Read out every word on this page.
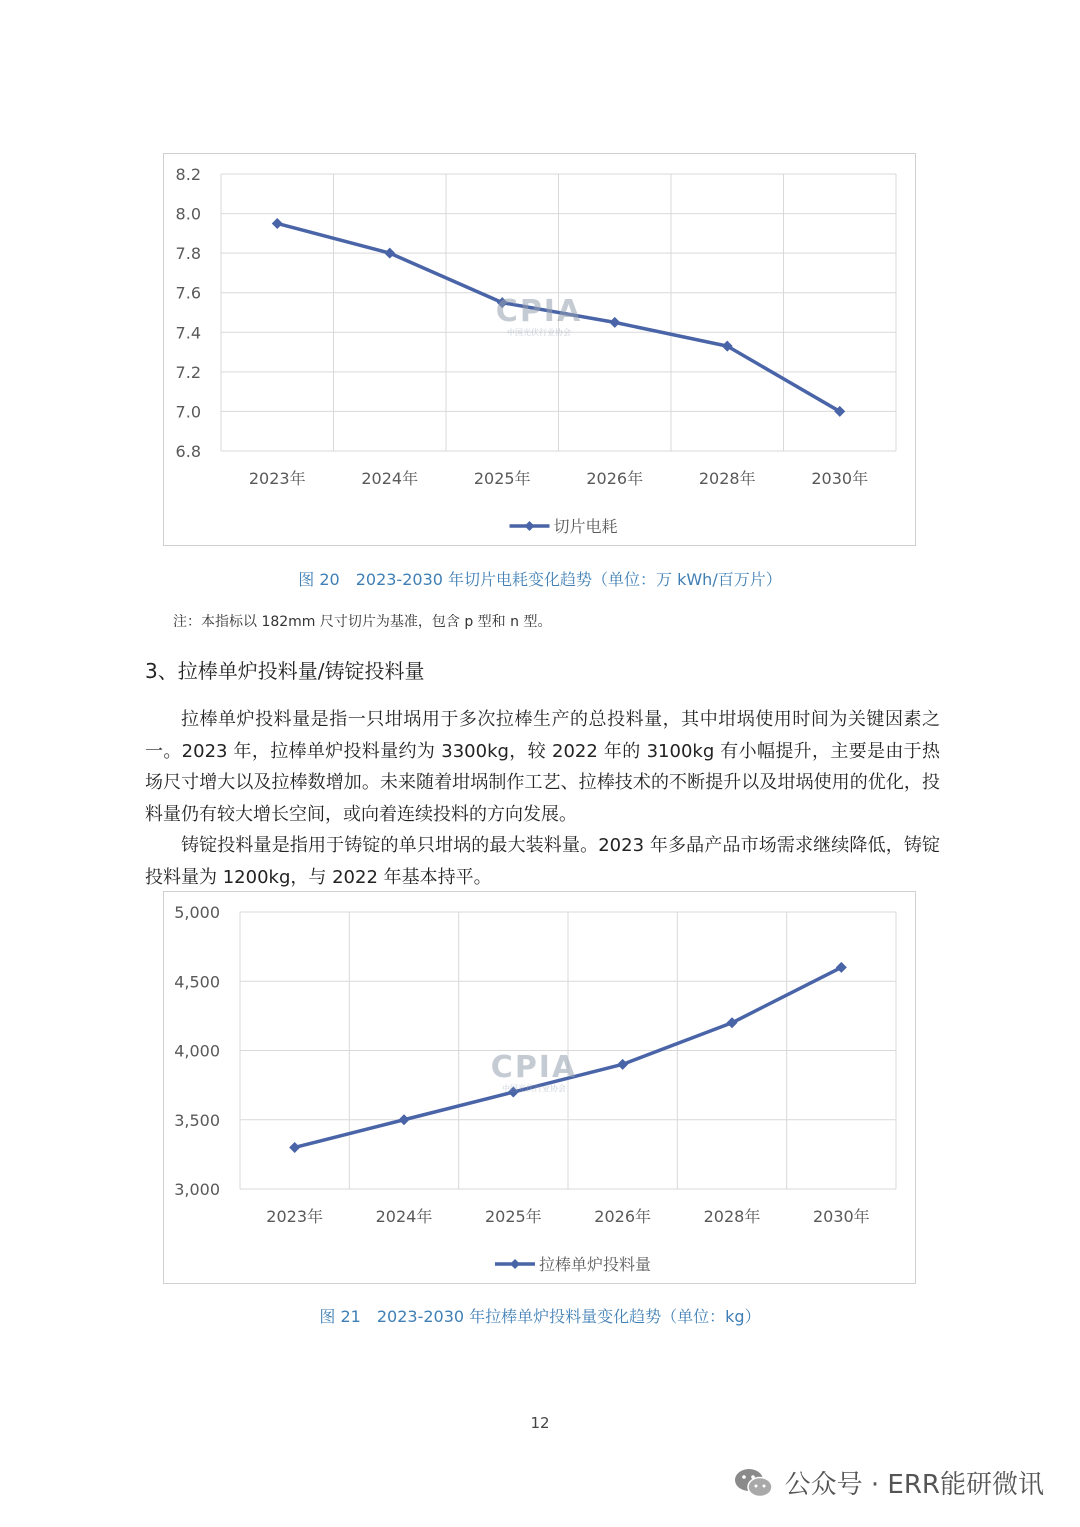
6.8
7.0
7.2
7.4
7.6
7.8
8.0
8.2
2023年	2024年	2025年	2026年	2028年	2030年
切片电耗
CPIA
中国光伏行业协会
图 20　2023-2030 年切片电耗变化趋势（单位：万 kWh/百万片）
注：本指标以 182mm 尺寸切片为基准，包含 p 型和 n 型。
3、拉棒单炉投料量/铸锭投料量

拉棒单炉投料量是指一只坩埚用于多次拉棒生产的总投料量，其中坩埚使用时间为关键因素之一。2023 年，拉棒单炉投料量约为 3300kg，较 2022 年的 3100kg 有小幅提升，主要是由于热场尺寸增大以及拉棒数增加。未来随着坩埚制作工艺、拉棒技术的不断提升以及坩埚使用的优化，投料量仍有较大增长空间，或向着连续投料的方向发展。

铸锭投料量是指用于铸锭的单只坩埚的最大装料量。2023 年多晶产品市场需求继续降低，铸锭投料量为 1200kg，与 2022 年基本持平。

3,000
3,500
4,000
4,500
5,000
2023年	2024年	2025年	2026年	2028年	2030年
拉棒单炉投料量
CPIA
中国光伏行业协会
图 21　2023-2030 年拉棒单炉投料量变化趋势（单位：kg）
12
公众号 · ERR能研微讯
